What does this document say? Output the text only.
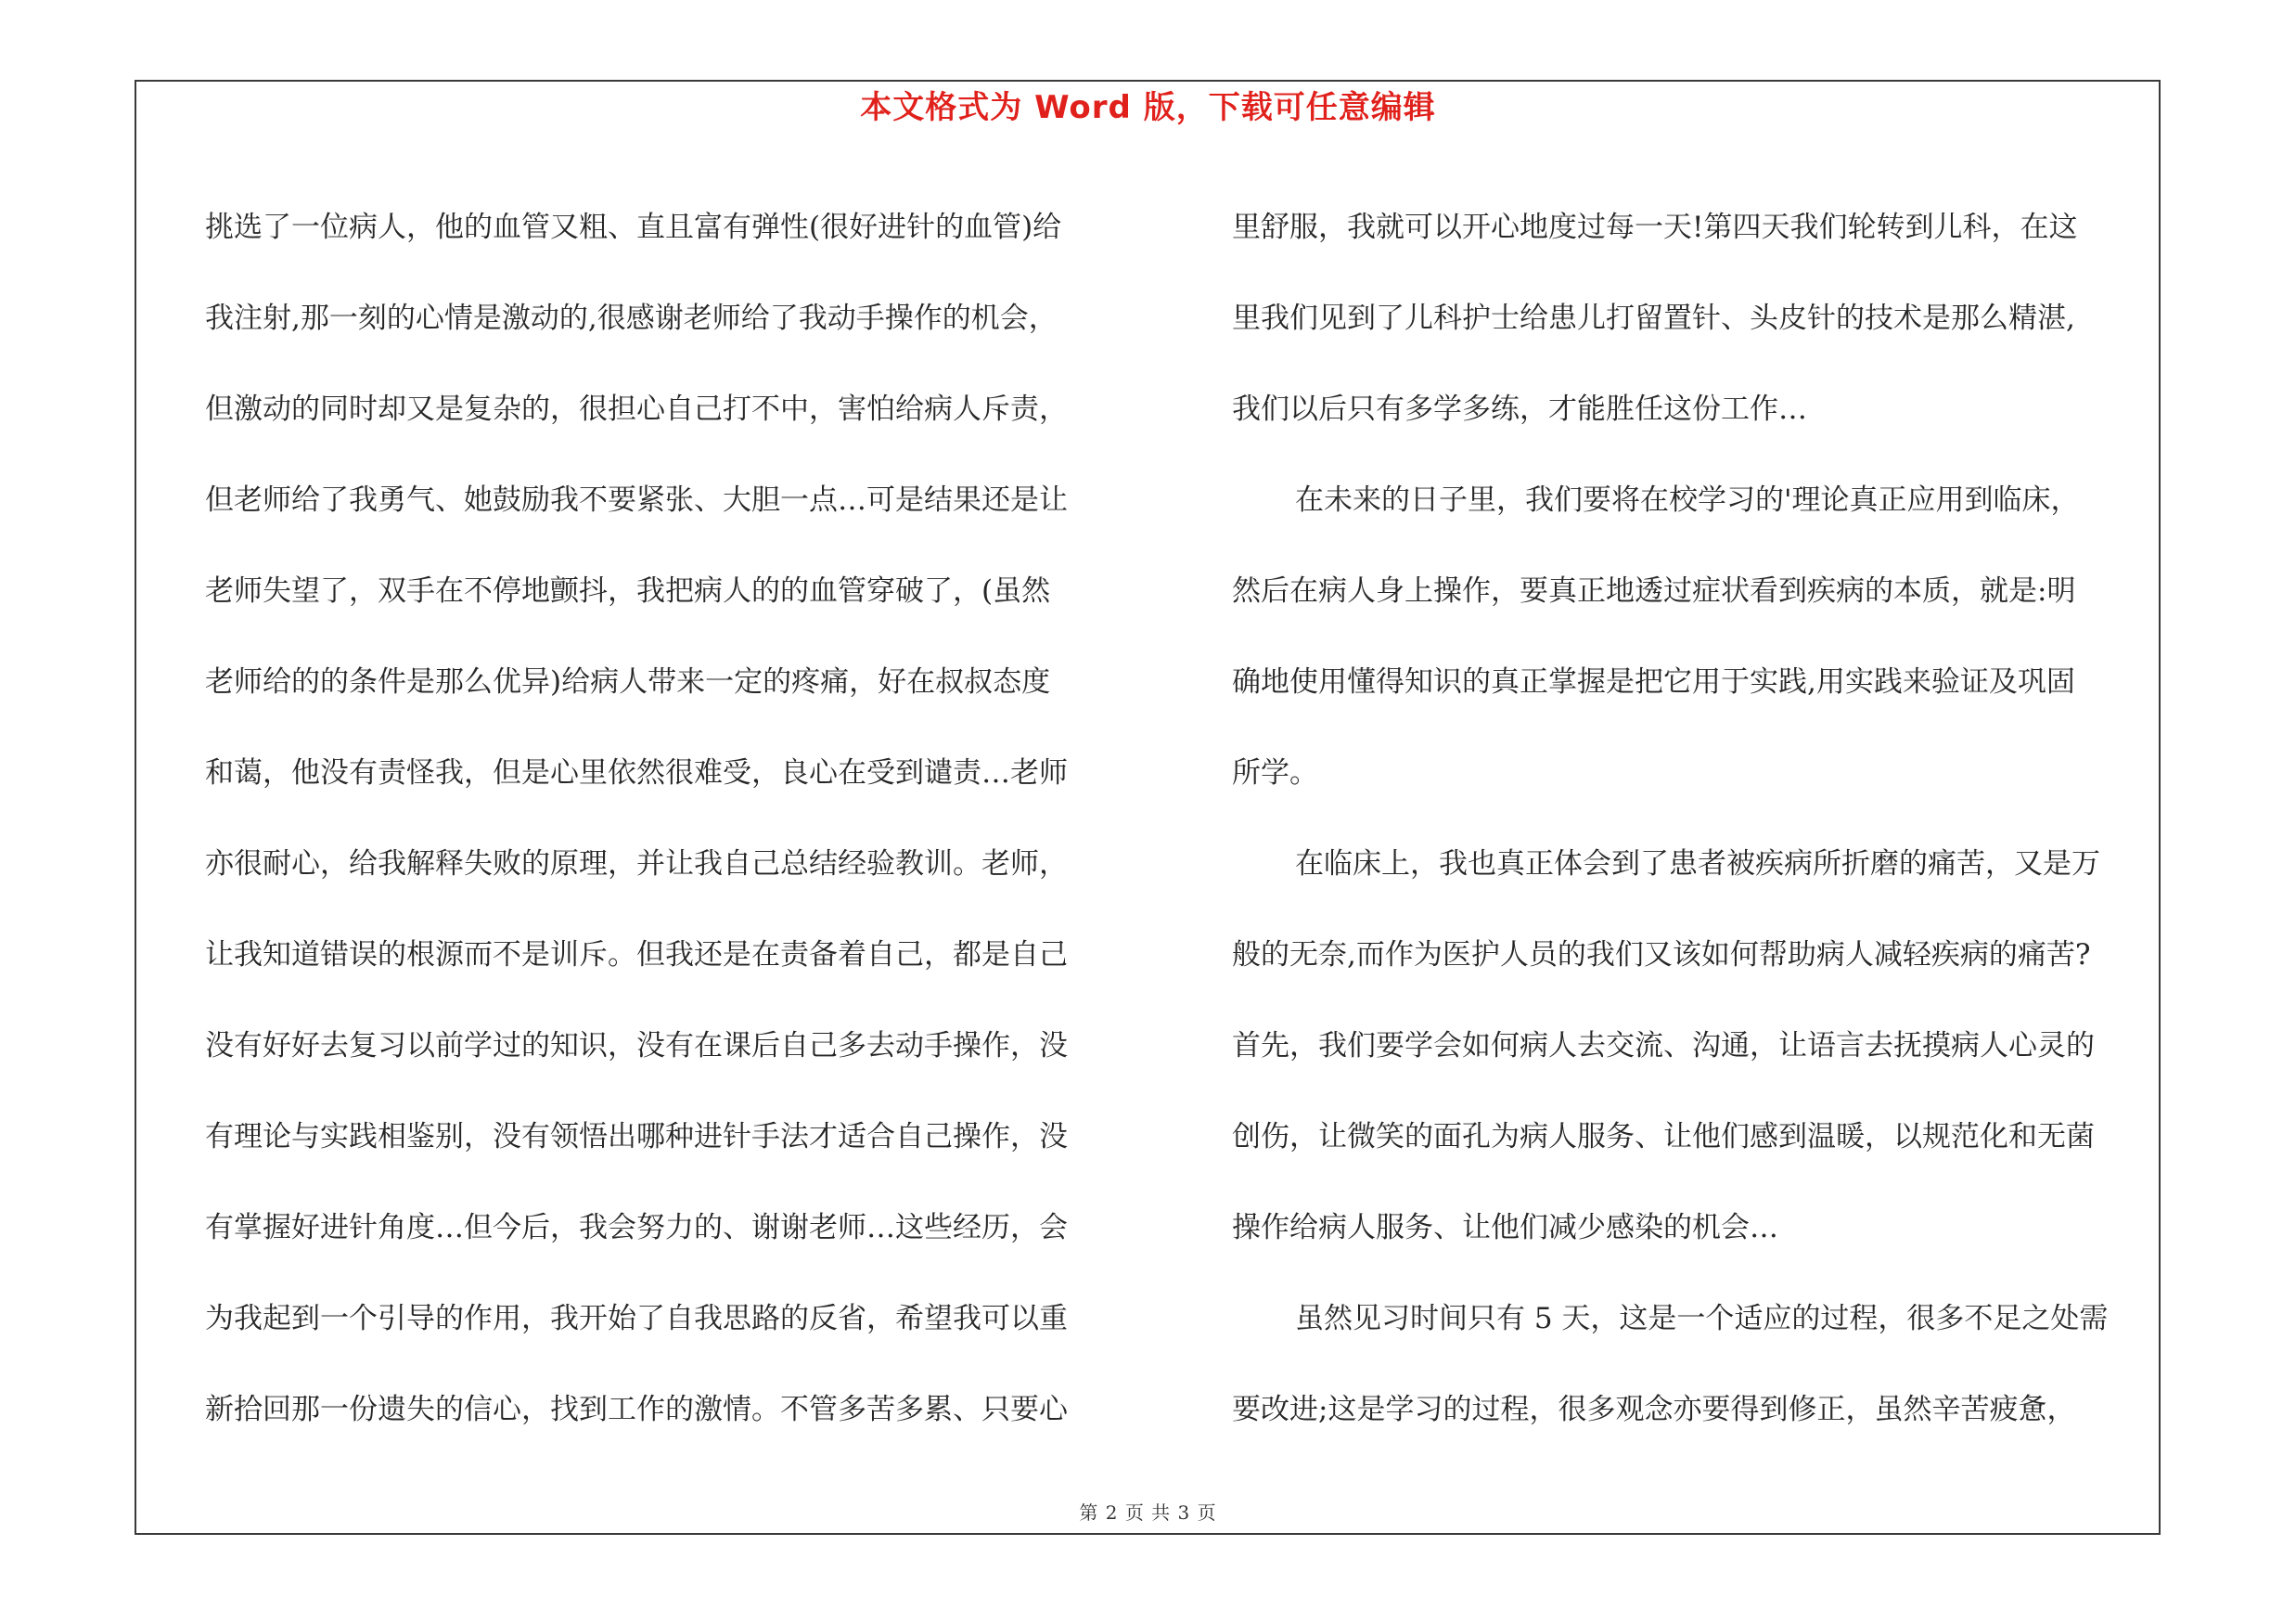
本文格式为 Word 版，下载可任意编辑
挑选了一位病人，他的血管又粗、直且富有弹性(很好进针的血管)给
我注射,那一刻的心情是激动的,很感谢老师给了我动手操作的机会，
但激动的同时却又是复杂的，很担心自己打不中，害怕给病人斥责，
但老师给了我勇气、她鼓励我不要紧张、大胆一点…可是结果还是让
老师失望了，双手在不停地颤抖，我把病人的的血管穿破了，(虽然
老师给的的条件是那么优异)给病人带来一定的疼痛，好在叔叔态度
和蔼，他没有责怪我，但是心里依然很难受，良心在受到谴责…老师
亦很耐心，给我解释失败的原理，并让我自己总结经验教训。老师，
让我知道错误的根源而不是训斥。但我还是在责备着自己，都是自己
没有好好去复习以前学过的知识，没有在课后自己多去动手操作，没
有理论与实践相鉴别，没有领悟出哪种进针手法才适合自己操作，没
有掌握好进针角度…但今后，我会努力的、谢谢老师…这些经历，会
为我起到一个引导的作用，我开始了自我思路的反省，希望我可以重
新拾回那一份遗失的信心，找到工作的激情。不管多苦多累、只要心
里舒服，我就可以开心地度过每一天!第四天我们轮转到儿科，在这
里我们见到了儿科护士给患儿打留置针、头皮针的技术是那么精湛,
我们以后只有多学多练，才能胜任这份工作…
在未来的日子里，我们要将在校学习的'理论真正应用到临床，
然后在病人身上操作，要真正地透过症状看到疾病的本质，就是:明
确地使用懂得知识的真正掌握是把它用于实践,用实践来验证及巩固
所学。
在临床上，我也真正体会到了患者被疾病所折磨的痛苦，又是万
般的无奈,而作为医护人员的我们又该如何帮助病人减轻疾病的痛苦?
首先，我们要学会如何病人去交流、沟通，让语言去抚摸病人心灵的
创伤，让微笑的面孔为病人服务、让他们感到温暖，以规范化和无菌
操作给病人服务、让他们减少感染的机会…
虽然见习时间只有 5 天，这是一个适应的过程，很多不足之处需
要改进;这是学习的过程，很多观念亦要得到修正，虽然辛苦疲惫，
第 2 页 共 3 页
